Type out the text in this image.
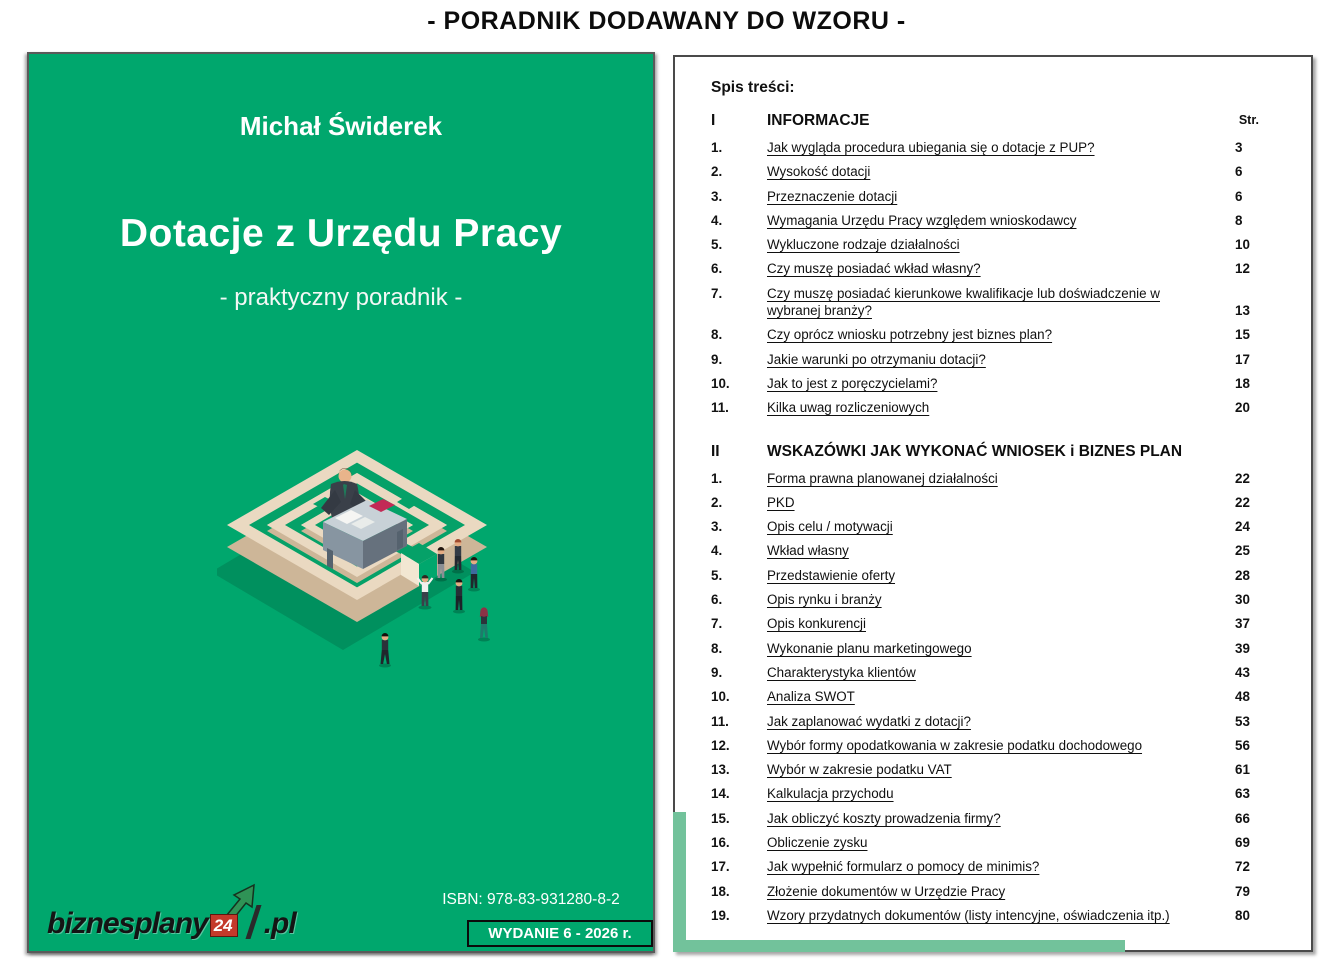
- PORADNIK DODAWANY DO WZORU -
Michał Świderek
Dotacje z Urzędu Pracy
- praktyczny poradnik -
biznesplany 24 .pl
ISBN: 978-83-931280-8-2
WYDANIE 6 - 2026 r.
Str.
Spis treści:
I	INFORMACJE
1.	Jak wygląda procedura ubiegania się o dotacje z PUP?	3
2.	Wysokość dotacji	6
3.	Przeznaczenie dotacji	6
4.	Wymagania Urzędu Pracy względem wnioskodawcy	8
5.	Wykluczone rodzaje działalności	10
6.	Czy muszę posiadać wkład własny?	12
7.	Czy muszę posiadać kierunkowe kwalifikacje lub doświadczenie w wybranej branży?	13
8.	Czy oprócz wniosku potrzebny jest biznes plan?	15
9.	Jakie warunki po otrzymaniu dotacji?	17
10.	Jak to jest z poręczycielami?	18
11.	Kilka uwag rozliczeniowych	20
II	WSKAZÓWKI JAK WYKONAĆ WNIOSEK i BIZNES PLAN
1.	Forma prawna planowanej działalności	22
2.	PKD	22
3.	Opis celu / motywacji	24
4.	Wkład własny	25
5.	Przedstawienie oferty	28
6.	Opis rynku i branży	30
7.	Opis konkurencji	37
8.	Wykonanie planu marketingowego	39
9.	Charakterystyka klientów	43
10.	Analiza SWOT	48
11.	Jak zaplanować wydatki z dotacji?	53
12.	Wybór formy opodatkowania w zakresie podatku dochodowego	56
13.	Wybór w zakresie podatku VAT	61
14.	Kalkulacja przychodu	63
15.	Jak obliczyć koszty prowadzenia firmy?	66
16.	Obliczenie zysku	69
17.	Jak wypełnić formularz o pomocy de minimis?	72
18.	Złożenie dokumentów w Urzędzie Pracy	79
19.	Wzory przydatnych dokumentów (listy intencyjne, oświadczenia itp.)	80
